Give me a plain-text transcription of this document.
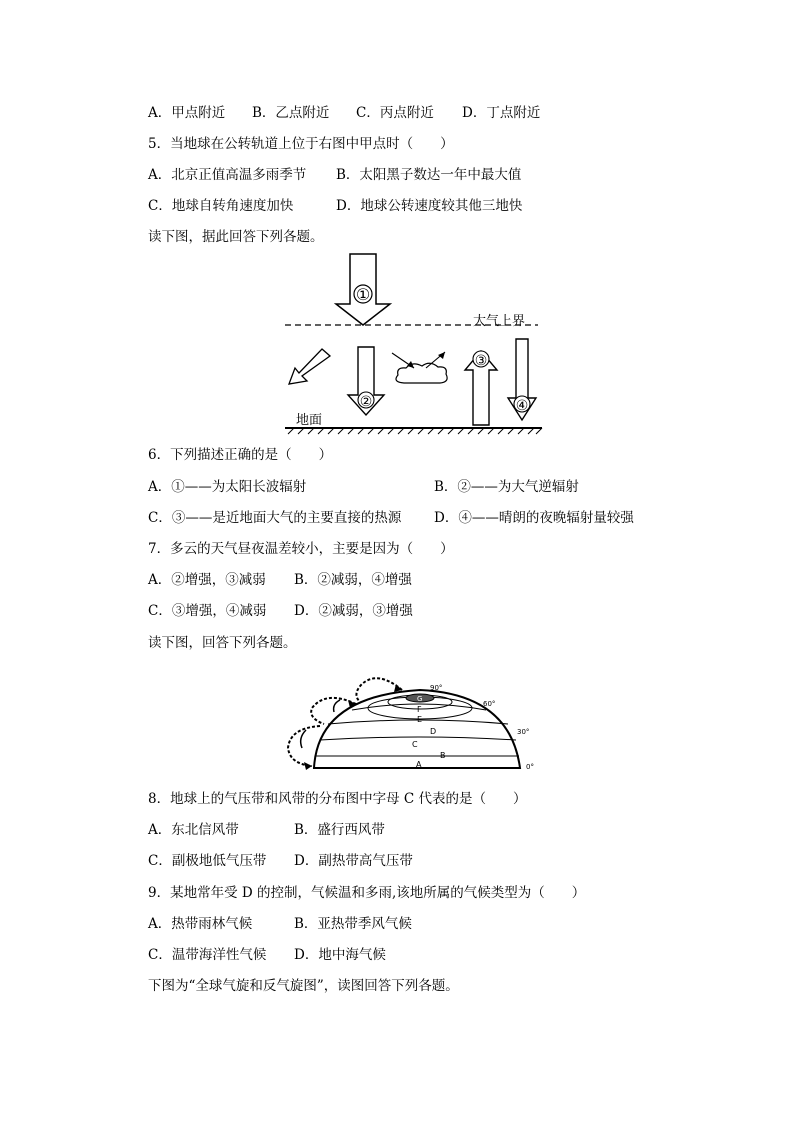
A．甲点附近

B．乙点附近

C．丙点附近

D．丁点附近

5．当地球在公转轨道上位于右图中甲点时（　　）

A．北京正值高温多雨季节

B．太阳黑子数达一年中最大值

C．地球自转角速度加快

	D．地球公转速度较其他三地快

读下图，据此回答下列各题。
①
大气上界
②
③
④
地面
6．下列描述正确的是（　　）

A．①——为太阳长波辐射

	B．②——为大气逆辐射

C．③——是近地面大气的主要直接的热源

D．④——晴朗的夜晚辐射量较强

7．多云的天气昼夜温差较小，主要是因为（　　）

A．②增强，③减弱

B．②减弱，④增强

C．③增强，④减弱

D．②减弱，③增强

读下图，回答下列各题。
G
F
E
D
C
B
A
90°
60°
30°
0°
8．地球上的气压带和风带的分布图中字母 C 代表的是（　　）

A．东北信风带

	B．盛行西风带

C．副极地低气压带

D．副热带高气压带

9．某地常年受 D 的控制，气候温和多雨,该地所属的气候类型为（　　）

A．热带雨林气候

	B．亚热带季风气候

C．温带海洋性气候

D．地中海气候

下图为“全球气旋和反气旋图”，读图回答下列各题。
